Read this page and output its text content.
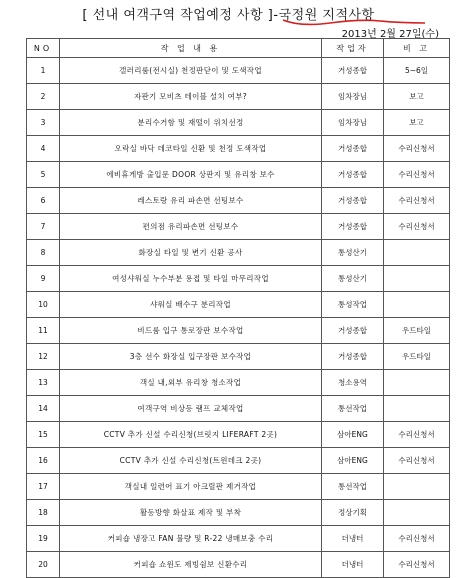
[ 선내 여객구역 작업예정 사항 ]-국정원 지적사항
2013년 2월 27일(수)
NO	작 업 내 용	작업자	비 고
1	갤러리룸(전시실) 천정판닫이 및 도색작업	거성종합	5~6일
2	자판기 모비츠 테이블 설치 여부?	임차장님	보고
3	분리수거함 및 재떨이 위치선정	임차장님	보고
4	오락실 바닥 데코타일 신환 및 천정 도색작업	거성종합	수리신청서
5	에비휴게방 출입문 DOOR 상판지 및 유리창 보수	거성종합	수리신청서
6	레스토랑 유리 파손면 선팅보수	거성종합	수리신청서
7	편의점 유리파손면 선팅보수	거성종합	수리신청서
8	화장실 타일 및 변기 신환 공사	통성산기	
9	여성샤워실 누수부분 용접 및 타일 마무리작업	통성산기	
10	샤워실 배수구 분리작업	통성작업	
11	비드룸 입구 통로장판 보수작업	거성종합	우드타일
12	3층 선수 화장실 입구장판 보수작업	거성종합	우드타일
13	객실 내,외부 유리창 청소작업	청소용역	
14	여객구역 비상등 램프 교체작업	통선작업	
15	CCTV 추가 신설 수리신청(브릿지 LIFERAFT 2곳)	삼아ENG	수리신청서
16	CCTV 추가 신설 수리신청(트윈데크 2곳)	삼아ENG	수리신청서
17	객실내 일련어 표기 아크릴판 제거작업	통선작업	
18	활동방향 화살표 제작 및 부착	정상기획	
19	커피숍 냉장고 FAN 불량 및 R-22 냉매보충 수리	더냉터	수리신청서
20	커피숍 쇼윈도 제빙쉼보 신환수리	더냉터	수리신청서
